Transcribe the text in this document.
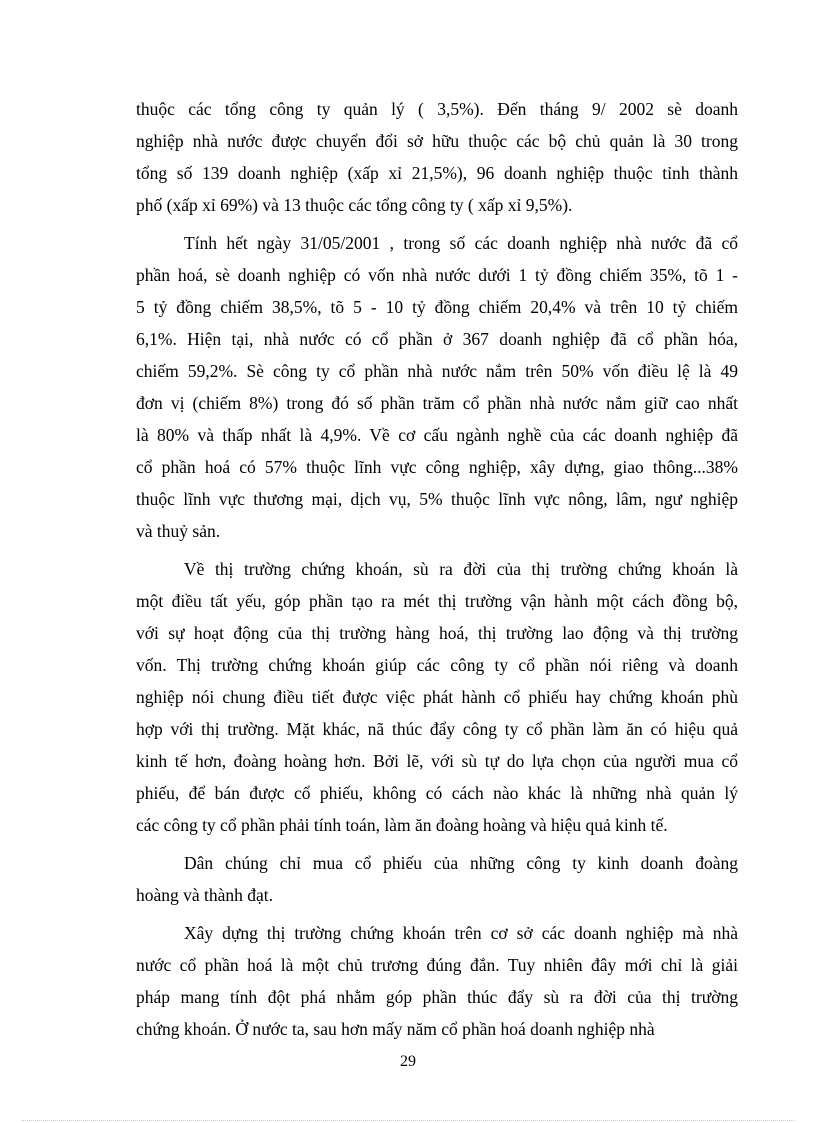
thuộc các tổng công ty quản lý ( 3,5%). Đến tháng 9/ 2002 sè doanh
nghiệp nhà nước được chuyển đổi sở hữu thuộc các bộ chủ quản là 30 trong
tổng số 139 doanh nghiệp (xấp xỉ 21,5%), 96 doanh nghiệp thuộc tỉnh thành
phố (xấp xỉ 69%) và 13 thuộc các tổng công ty ( xấp xỉ 9,5%).
Tính hết ngày 31/05/2001 , trong số các doanh nghiệp nhà nước đã cổ
phần hoá, sè doanh nghiệp có vốn nhà nước dưới 1 tỷ đồng chiếm 35%, tõ 1 -
5 tỷ đồng chiếm 38,5%, tõ 5 - 10 tỷ đồng chiếm 20,4% và trên 10 tỷ chiếm
6,1%. Hiện tại, nhà nước có cổ phần ở 367 doanh nghiệp đã cổ phần hóa,
chiếm 59,2%. Sè công ty cổ phần nhà nước nắm trên 50% vốn điều lệ là 49
đơn vị (chiếm 8%) trong đó số phần trăm cổ phần nhà nước nắm giữ cao nhất
là 80% và thấp nhất là 4,9%. Về cơ cấu ngành nghề của các doanh nghiệp đã
cổ phần hoá có 57% thuộc lĩnh vực công nghiệp, xây dựng, giao thông...38%
thuộc lĩnh vực thương mại, dịch vụ, 5% thuộc lĩnh vực nông, lâm, ngư nghiệp
và thuỷ sản.
Về thị trường chứng khoán, sù ra đời của thị trường chứng khoán là
một điều tất yếu, góp phần tạo ra mét thị trường vận hành một cách đồng bộ,
với sự hoạt động của thị trường hàng hoá, thị trường lao động và thị trường
vốn. Thị trường chứng khoán giúp các công ty cổ phần nói riêng và doanh
nghiệp nói chung điều tiết được việc phát hành cổ phiếu hay chứng khoán phù
hợp với thị trường. Mặt khác, nã thúc đẩy công ty cổ phần làm ăn có hiệu quả
kinh tế hơn, đoàng hoàng hơn. Bởi lẽ, với sù tự do lựa chọn của người mua cổ
phiếu, để bán được cổ phiếu, không có cách nào khác là những nhà quản lý
các công ty cổ phần phải tính toán, làm ăn đoàng hoàng và hiệu quả kinh tế.
Dân chúng chỉ mua cổ phiếu của những công ty kinh doanh đoàng
hoàng và thành đạt.
Xây dựng thị trường chứng khoán trên cơ sở các doanh nghiệp mà nhà
nước cổ phần hoá là một chủ trương đúng đắn. Tuy nhiên đây mới chỉ là giải
pháp mang tính đột phá nhằm góp phần thúc đẩy sù ra đời của thị trường
chứng khoán. Ở nước ta, sau hơn mấy năm cổ phần hoá doanh nghiệp nhà
29
